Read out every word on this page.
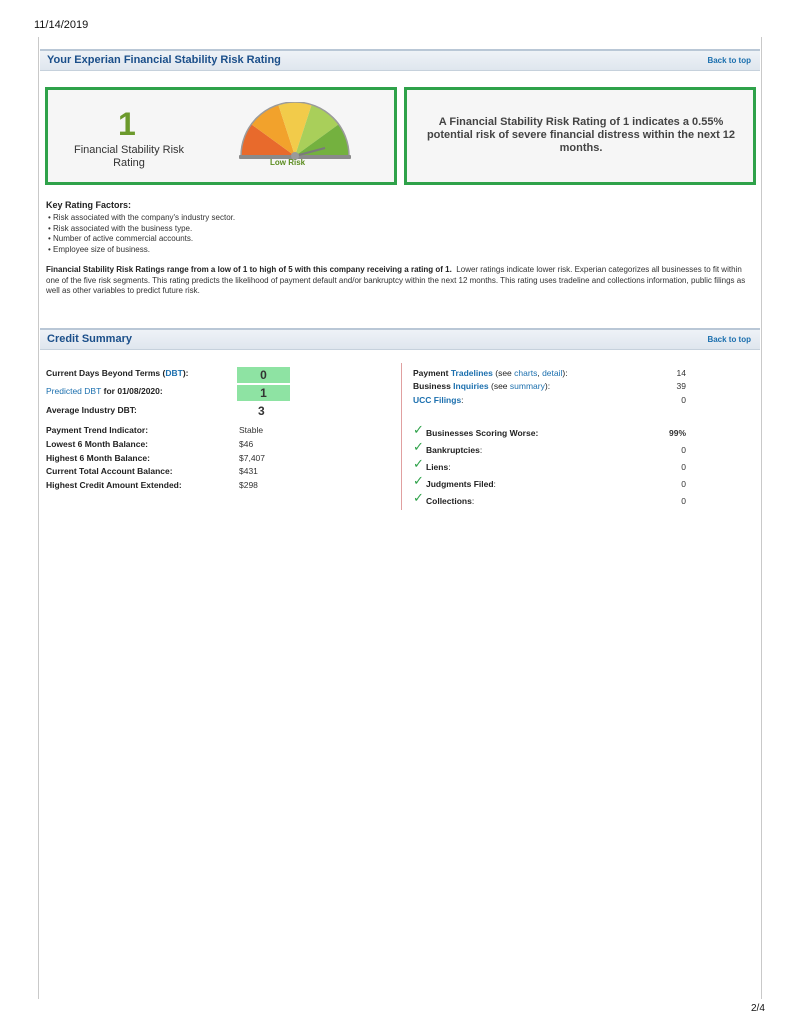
11/14/2019
Your Experian Financial Stability Risk Rating	Back to top
1
Financial Stability Risk Rating	Low Risk
A Financial Stability Risk Rating of 1 indicates a 0.55% potential risk of severe financial distress within the next 12 months.
Key Rating Factors:
• Risk associated with the company's industry sector.
• Risk associated with the business type.
• Number of active commercial accounts.
• Employee size of business.
Financial Stability Risk Ratings range from a low of 1 to high of 5 with this company receiving a rating of 1. Lower ratings indicate lower risk. Experian categorizes all businesses to fit within one of the five risk segments. This rating predicts the likelihood of payment default and/or bankruptcy within the next 12 months. This rating uses tradeline and collections information, public filings as well as other variables to predict future risk.
Credit Summary	Back to top
Current Days Beyond Terms (DBT):	0
Predicted DBT for 01/08/2020:	1
Average Industry DBT:	3
Payment Trend Indicator:	Stable
Lowest 6 Month Balance:	$46
Highest 6 Month Balance:	$7,407
Current Total Account Balance:	$431
Highest Credit Amount Extended:	$298
Payment Tradelines (see charts, detail):	14
Business Inquiries (see summary):	39
UCC Filings:	0
✓ Businesses Scoring Worse:	99%
✓ Bankruptcies:	0
✓ Liens:	0
✓ Judgments Filed:	0
✓ Collections:	0
2/4
